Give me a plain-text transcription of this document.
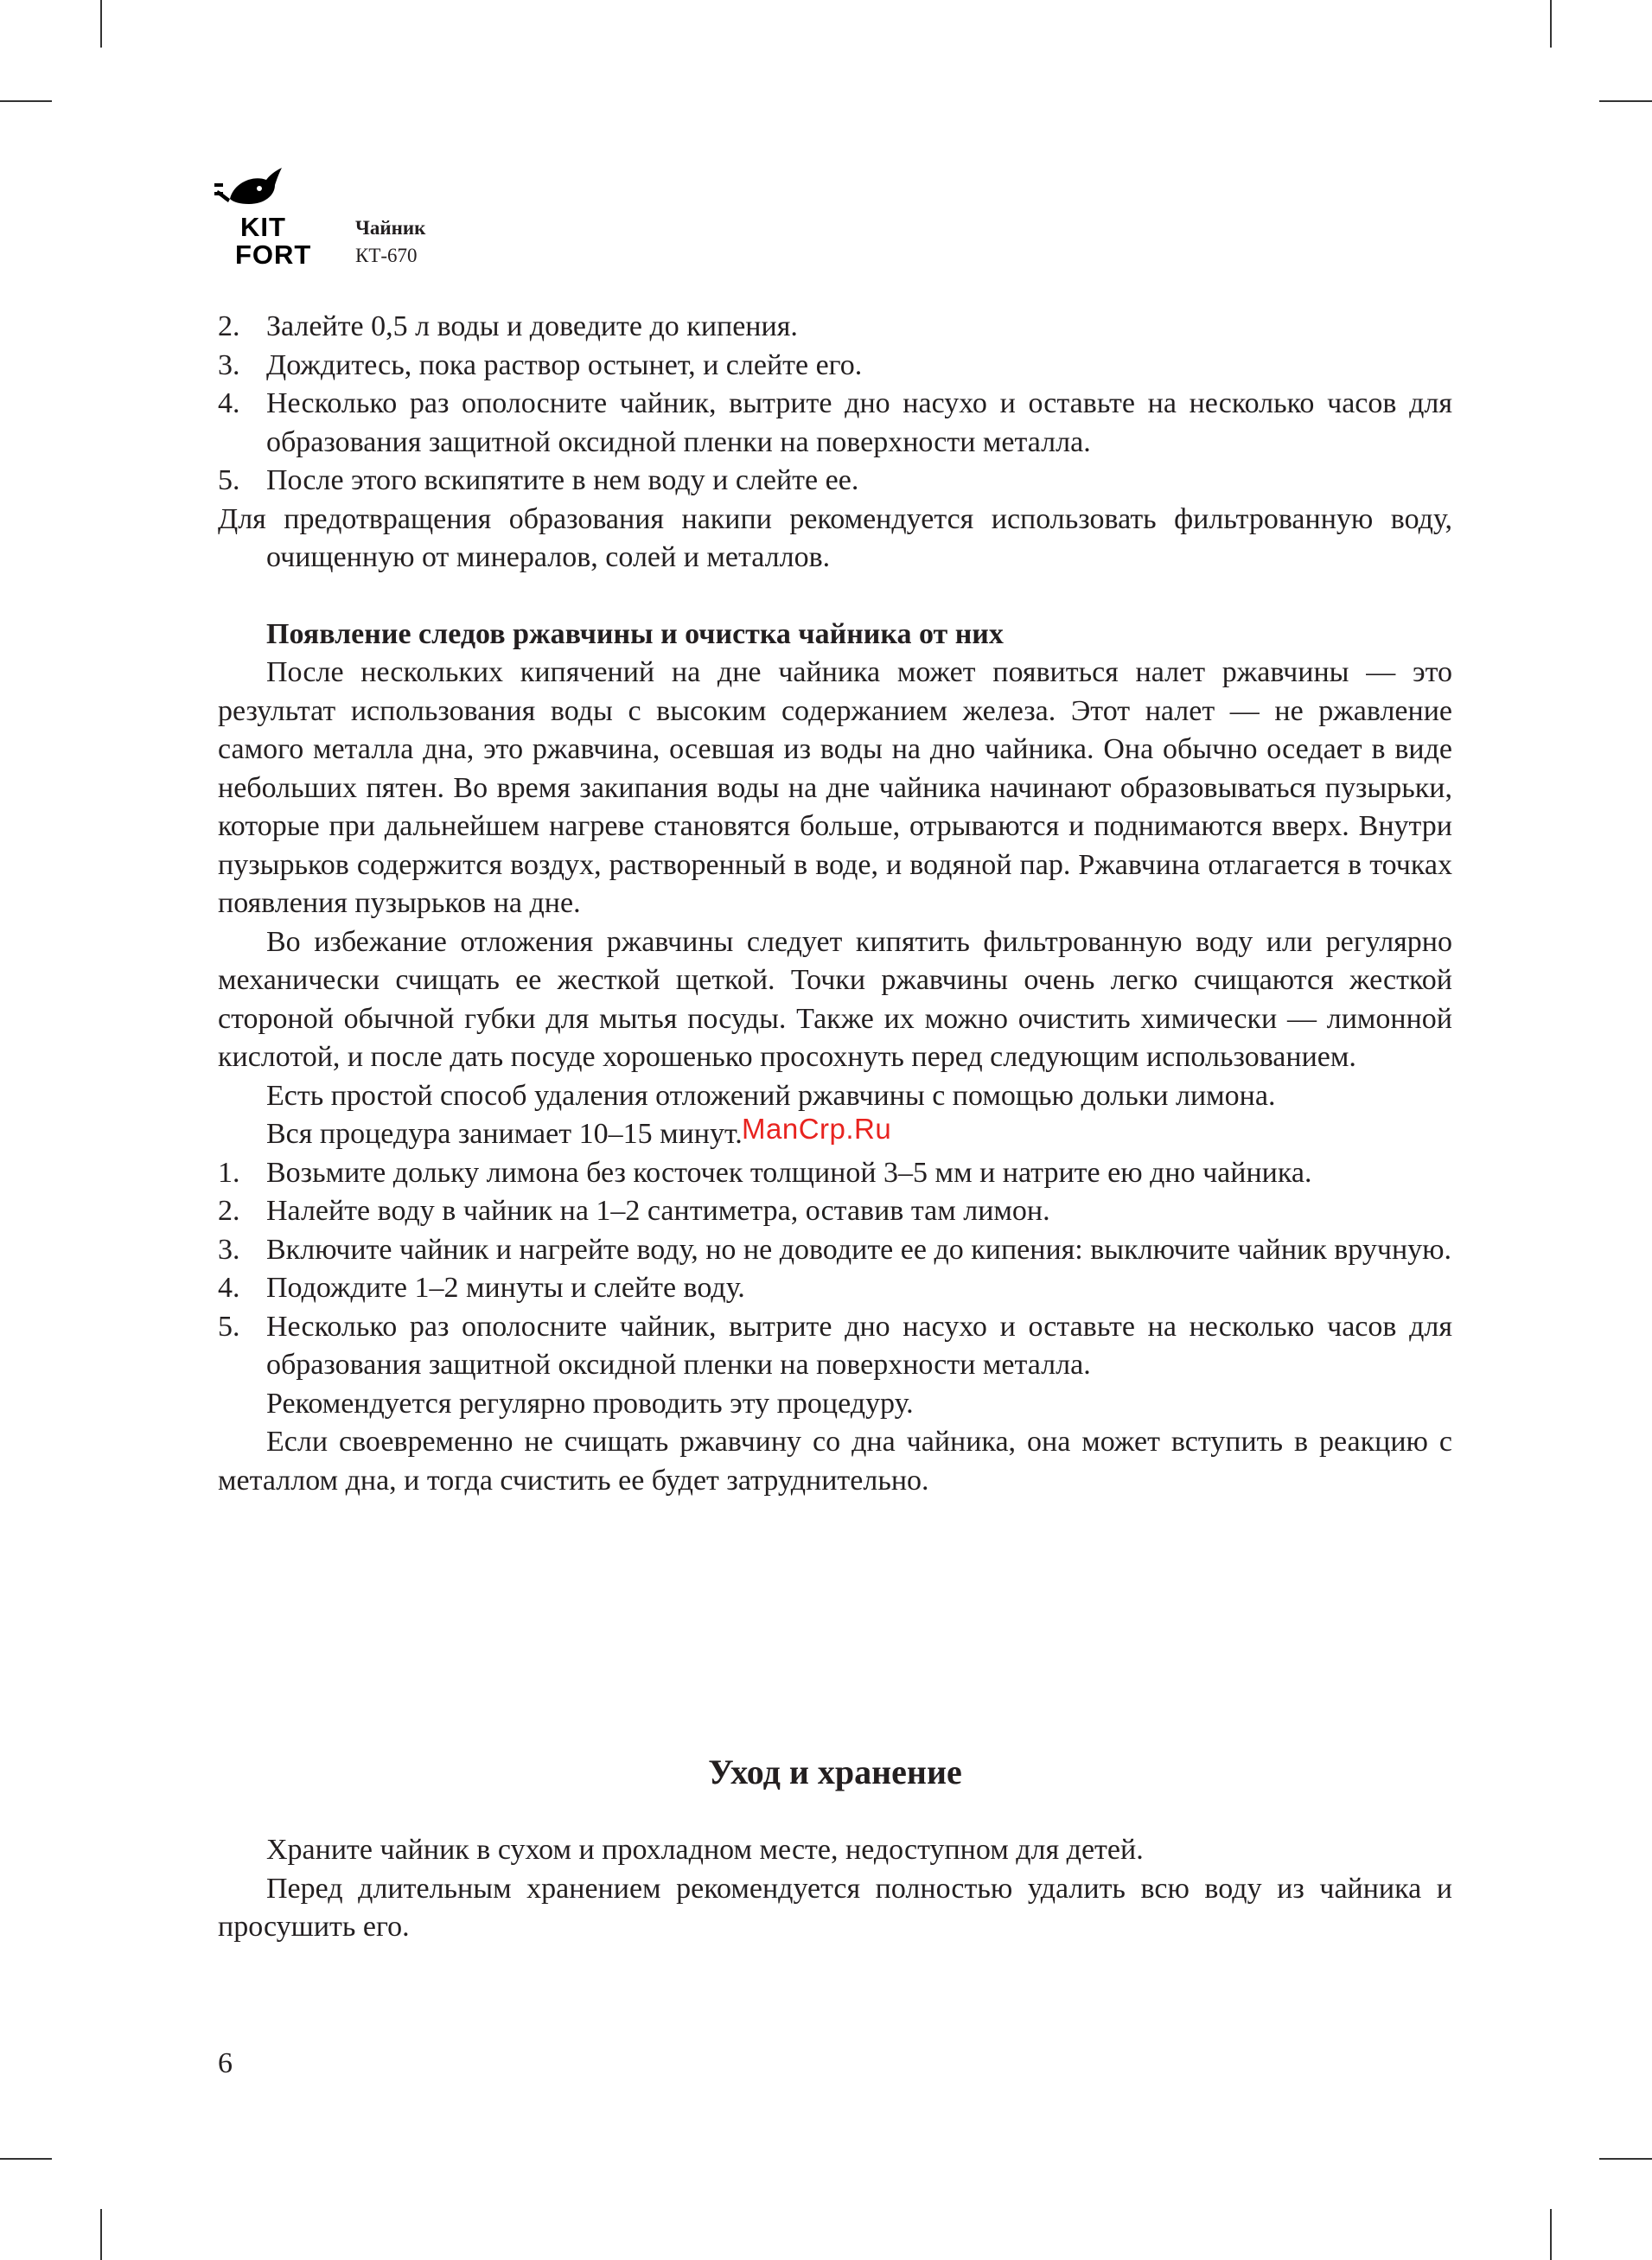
KIT
FORT
Чайник
КТ-670
2. Залейте 0,5 л воды и доведите до кипения.
3. Дождитесь, пока раствор остынет, и слейте его.
4. Несколько раз ополосните чайник, вытрите дно насухо и оставьте на несколько часов для образования защитной оксидной пленки на поверхности металла.
5. После этого вскипятите в нем воду и слейте ее.

Для предотвращения образования накипи рекомендуется использовать фильтрованную воду, очищенную от минералов, солей и металлов.

Появление следов ржавчины и очистка чайника от них

После нескольких кипячений на дне чайника может появиться налет ржавчины — это результат использования воды с высоким содержанием железа. Этот налет — не ржавление самого металла дна, это ржавчина, осевшая из воды на дно чайника. Она обычно оседает в виде небольших пятен. Во время закипания воды на дне чайника начинают образовываться пузырьки, которые при дальнейшем нагреве становятся больше, отрываются и поднимаются вверх. Внутри пузырьков содержится воздух, растворенный в воде, и водяной пар. Ржавчина отлагается в точках появления пузырьков на дне.

Во избежание отложения ржавчины следует кипятить фильтрованную воду или регулярно механически счищать ее жесткой щеткой. Точки ржавчины очень легко счищаются жесткой стороной обычной губки для мытья посуды. Также их можно очистить химически — лимонной кислотой, и после дать посуде хорошенько просохнуть перед следующим использованием.

Есть простой способ удаления отложений ржавчины с помощью дольки лимона.

Вся процедура занимает 10–15 минут.

1. Возьмите дольку лимона без косточек толщиной 3–5 мм и натрите ею дно чайника.
2. Налейте воду в чайник на 1–2 сантиметра, оставив там лимон.
3. Включите чайник и нагрейте воду, но не доводите ее до кипения: выключите чайник вручную.
4. Подождите 1–2 минуты и слейте воду.
5. Несколько раз ополосните чайник, вытрите дно насухо и оставьте на несколько часов для образования защитной оксидной пленки на поверхности металла.

Рекомендуется регулярно проводить эту процедуру.

Если своевременно не счищать ржавчину со дна чайника, она может вступить в реакцию с металлом дна, и тогда счистить ее будет затруднительно.

ManCrp.Ru
Уход и хранение

Храните чайник в сухом и прохладном месте, недоступном для детей.

Перед длительным хранением рекомендуется полностью удалить всю воду из чайника и просушить его.

6
